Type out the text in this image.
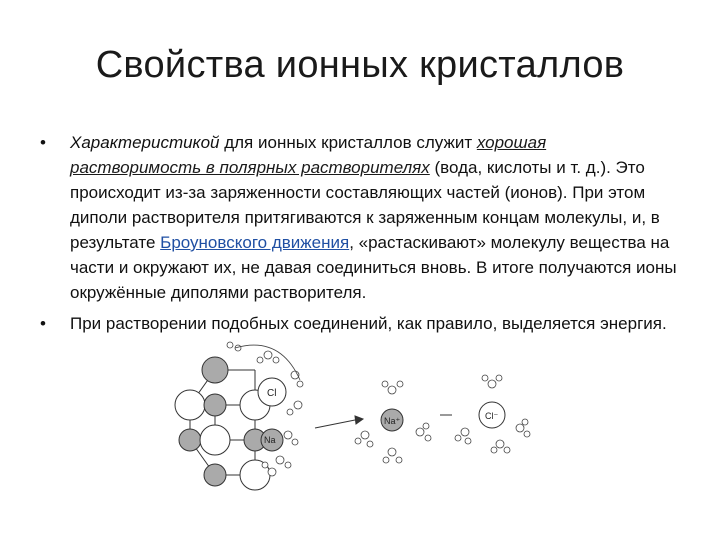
Свойства ионных кристаллов
• Характеристикой для ионных кристаллов служит хорошая растворимость в полярных растворителях (вода, кислоты и т. д.). Это происходит из-за заряженности составляющих частей (ионов). При этом диполи растворителя притягиваются к заряженным концам молекулы, и, в результате Броуновского движения, «растаскивают» молекулу вещества на части и окружают их, не давая соединиться вновь. В итоге получаются ионы окружённые диполями растворителя.
• При растворении подобных соединений, как правило, выделяется энергия.
Cl
Na
Na⁺	Cl⁻
